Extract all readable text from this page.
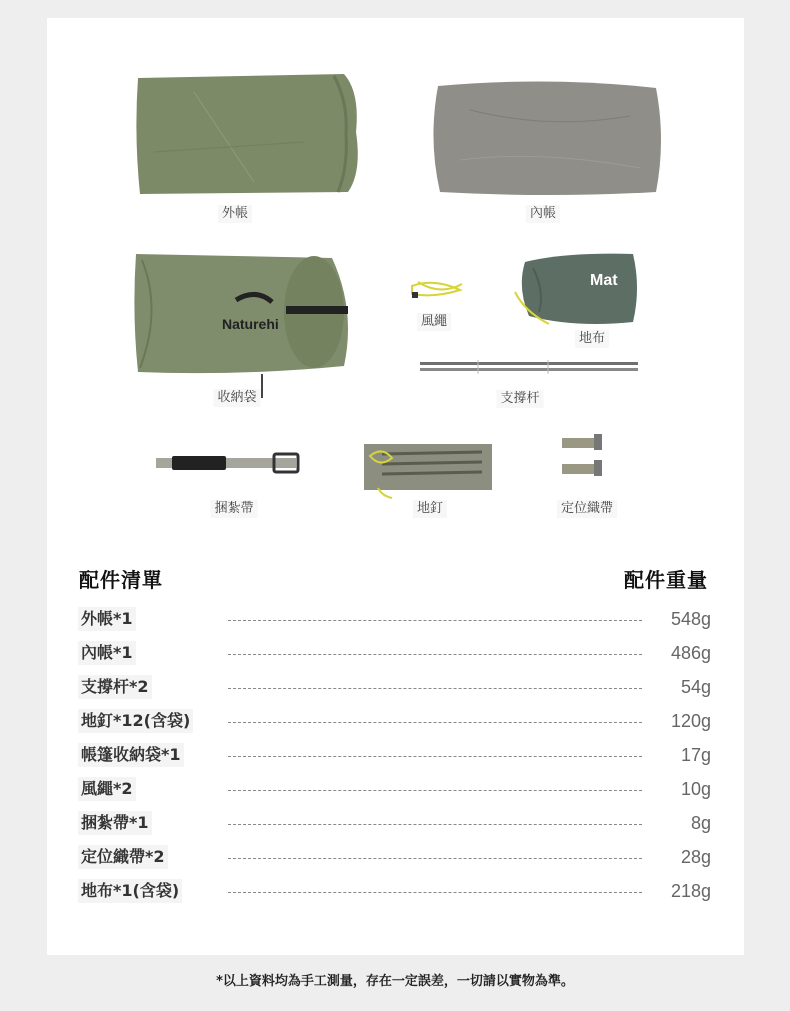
外帳	內帳
Naturehi
收納袋
風繩
Mat
地布
支撐杆
捆紮帶	地釘	定位織帶
配件清單	配件重量
外帳*1	548g
內帳*1	486g
支撐杆*2	54g
地釘*12(含袋)	120g
帳篷收納袋*1	17g
風繩*2	10g
捆紮帶*1	8g
定位織帶*2	28g
地布*1(含袋)	218g
*以上資料均為手工測量，存在一定誤差，一切請以實物為準。
